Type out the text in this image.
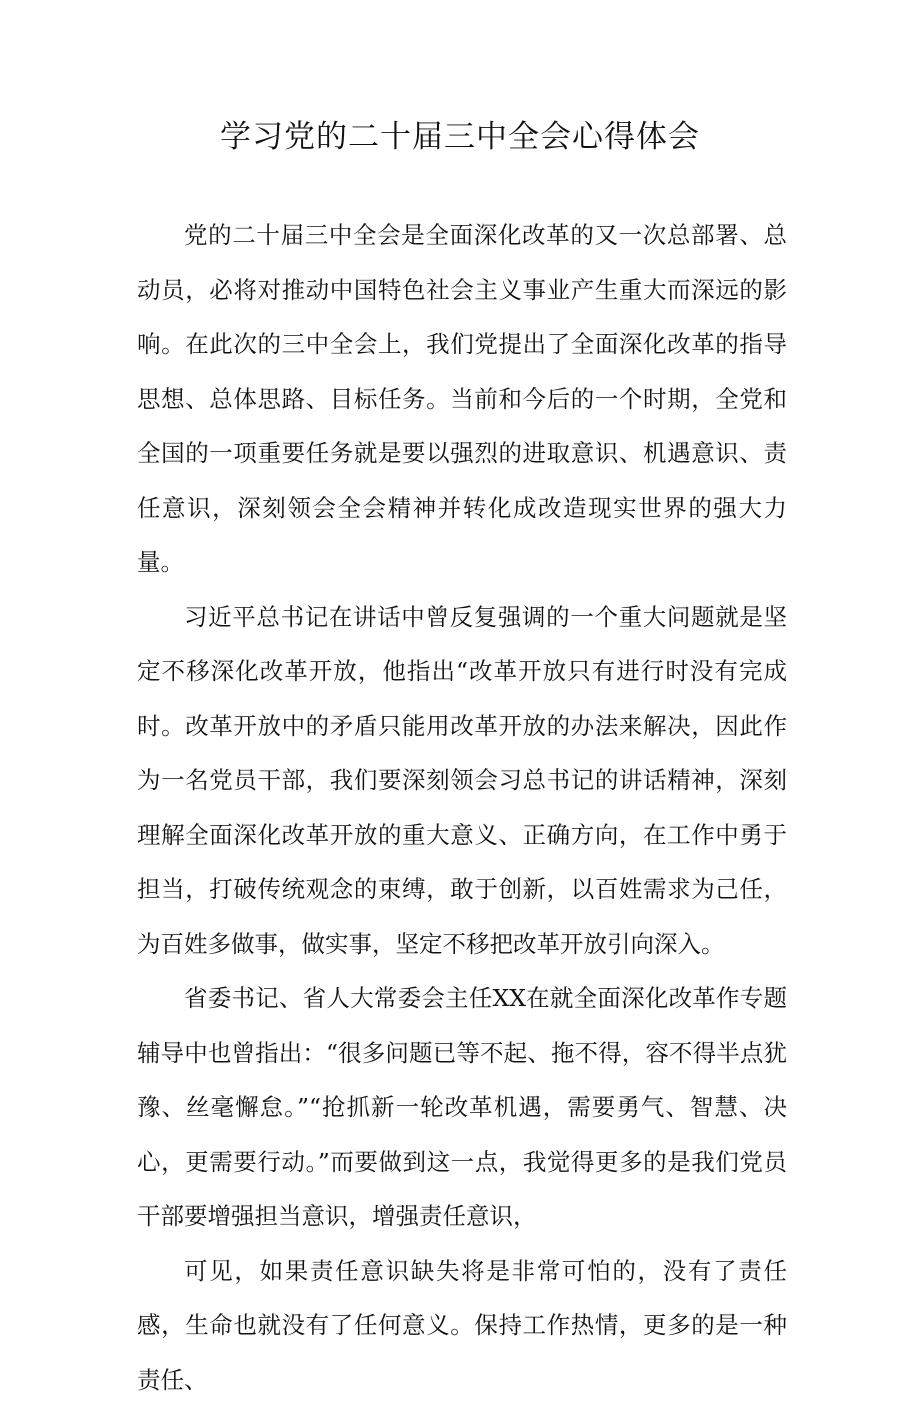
学习党的二十届三中全会心得体会

党的二十届三中全会是全面深化改革的又一次总部署、总动员，必将对推动中国特色社会主义事业产生重大而深远的影响。在此次的三中全会上，我们党提出了全面深化改革的指导思想、总体思路、目标任务。当前和今后的一个时期，全党和全国的一项重要任务就是要以强烈的进取意识、机遇意识、责任意识，深刻领会全会精神并转化成改造现实世界的强大力量。

习近平总书记在讲话中曾反复强调的一个重大问题就是坚定不移深化改革开放，他指出“改革开放只有进行时没有完成时。改革开放中的矛盾只能用改革开放的办法来解决，因此作为一名党员干部，我们要深刻领会习总书记的讲话精神，深刻理解全面深化改革开放的重大意义、正确方向，在工作中勇于担当，打破传统观念的束缚，敢于创新，以百姓需求为己任，为百姓多做事，做实事，坚定不移把改革开放引向深入。

省委书记、省人大常委会主任XX在就全面深化改革作专题辅导中也曾指出：“很多问题已等不起、拖不得，容不得半点犹豫、丝毫懈怠。”“抢抓新一轮改革机遇，需要勇气、智慧、决心，更需要行动。”而要做到这一点，我觉得更多的是我们党员干部要增强担当意识，增强责任意识，

可见，如果责任意识缺失将是非常可怕的，没有了责任感，生命也就没有了任何意义。保持工作热情，更多的是一种责任、
